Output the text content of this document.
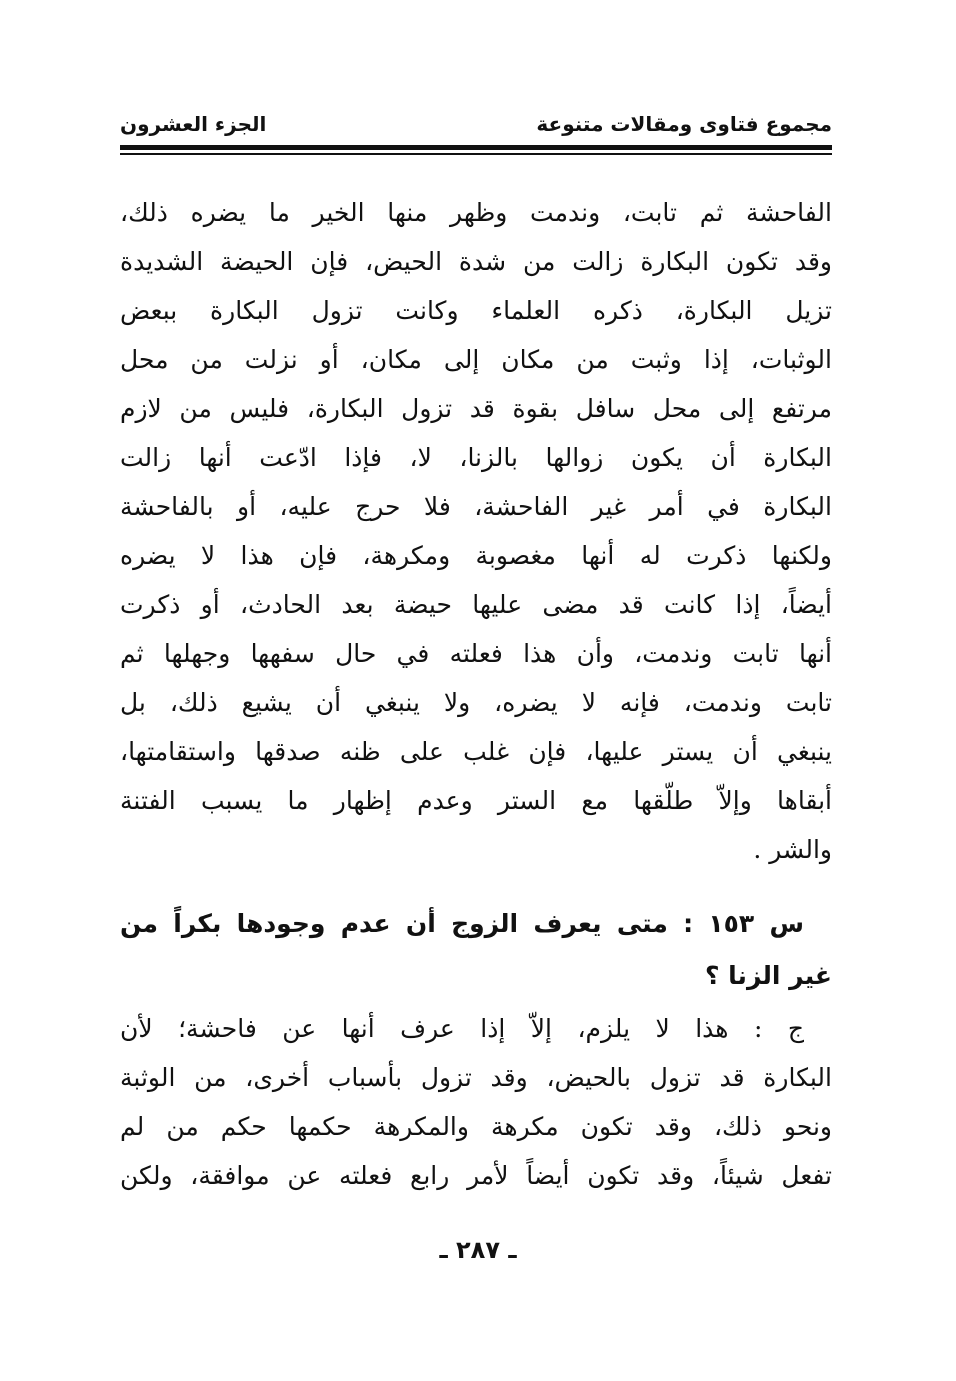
مجموع فتاوى ومقالات متنوعة
الجزء العشرون
الفاحشة ثم تابت، وندمت وظهر منها الخير ما يضره ذلك،
وقد تكون البكارة زالت من شدة الحيض، فإن الحيضة الشديدة
تزيل البكارة، ذكره العلماء وكانت تزول البكارة ببعض
الوثبات، إذا وثبت من مكان إلى مكان، أو نزلت من محل
مرتفع إلى محل سافل بقوة قد تزول البكارة، فليس من لازم
البكارة أن يكون زوالها بالزنا، لا، فإذا ادّعت أنها زالت
البكارة في أمر غير الفاحشة، فلا حرج عليه، أو بالفاحشة
ولكنها ذكرت له أنها مغصوبة ومكرهة، فإن هذا لا يضره
أيضاً، إذا كانت قد مضى عليها حيضة بعد الحادث، أو ذكرت
أنها تابت وندمت، وأن هذا فعلته في حال سفهها وجهلها ثم
تابت وندمت، فإنه لا يضره، ولا ينبغي أن يشيع ذلك، بل
ينبغي أن يستر عليها، فإن غلب على ظنه صدقها واستقامتها،
أبقاها وإلاّ طلّقها مع الستر وعدم إظهار ما يسبب الفتنة
والشر .
س ١٥٣ : متى يعرف الزوج أن عدم وجودها بكراً من
غير الزنا ؟
ج : هذا لا يلزم، إلاّ إذا عرف أنها عن فاحشة؛ لأن
البكارة قد تزول بالحيض، وقد تزول بأسباب أخرى، من الوثبة
ونحو ذلك، وقد تكون مكرهة والمكرهة حكمها حكم من لم
تفعل شيئاً، وقد تكون أيضاً لأمر رابع فعلته عن موافقة، ولكن
ـ ٢٨٧ ـ
